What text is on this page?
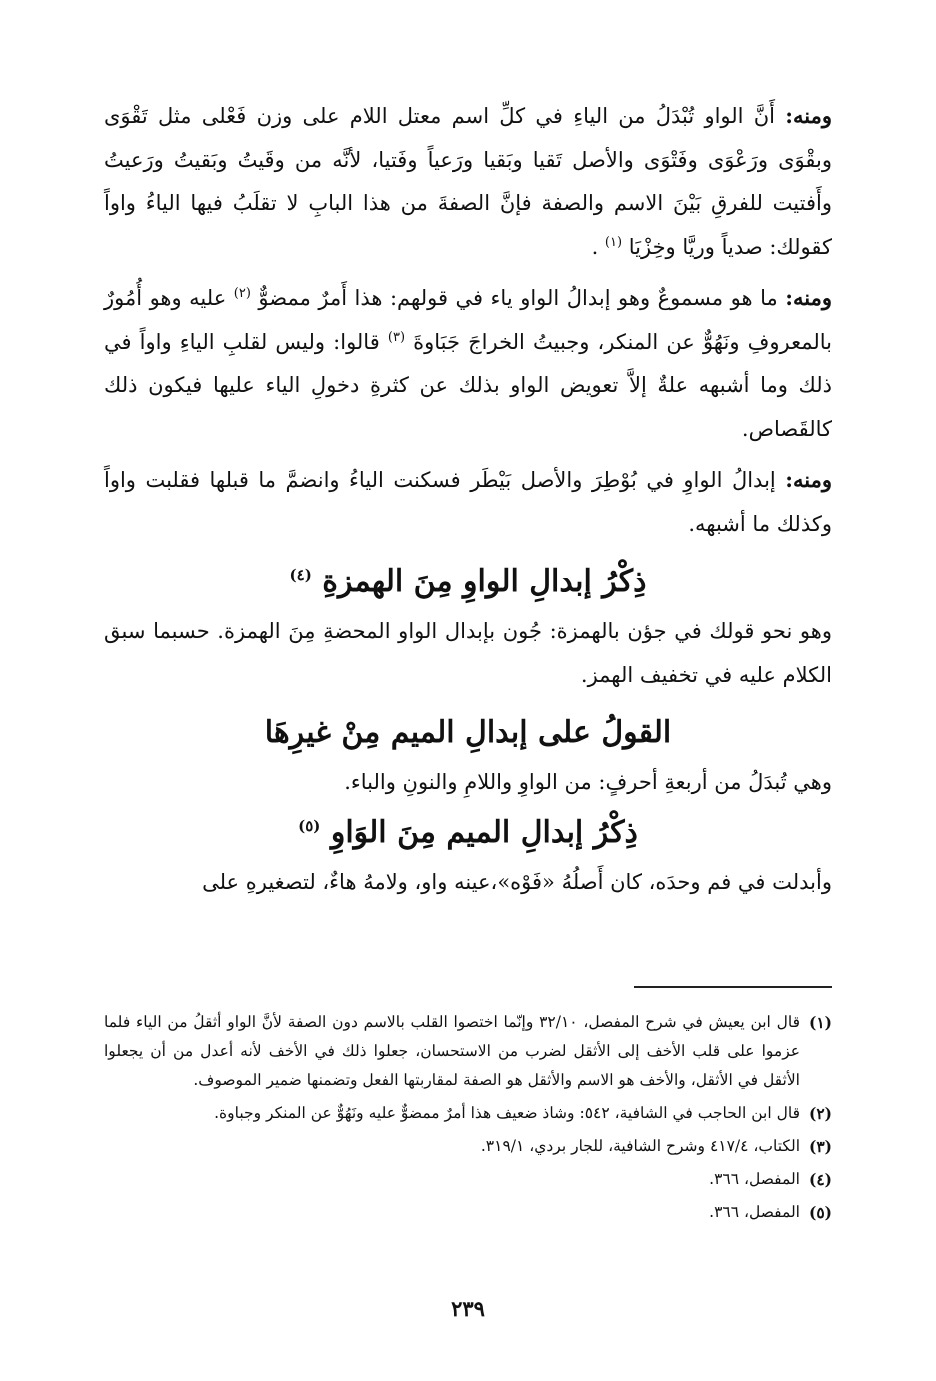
ومنه: أَنَّ الواو تُبْدَلُ من الياءِ في كلِّ اسم معتل اللام على وزن فَعْلى مثل تَقْوَى وبقْوَى ورَعْوَى وفَتْوَى والأصل تَقيا وبَقيا ورَعياً وفَتيا، لأنَّه من وقَيتُ وبَقيتُ ورَعيتُ وأَفتيت للفرقِ بَيْنَ الاسم والصفة فإنَّ الصفةَ من هذا البابِ لا تقلَبُ فيها الياءُ واواً كقولك: صدياً وريَّا وخِزْيَا $^{(١)}$ .

ومنه: ما هو مسموعٌ وهو إبدالُ الواو ياء في قولهم: هذا أَمرٌ ممضوٌّ $^{(٢)}$ عليه وهو أُمُورٌ بالمعروفِ ونَهُوٌّ عن المنكر، وجبيتُ الخراجَ جَبَاوةَ $^{(٣)}$ قالوا: وليس لقلبِ الياءِ واواً في ذلك وما أشبهه علةٌ إلاَّ تعويض الواو بذلك عن كثرةِ دخولِ الياء عليها فيكون ذلك كالقَصاص.

ومنه: إبدالُ الواوِ في بُوْطِرَ والأصل بَيْطَر فسكنت الياءُ وانضمَّ ما قبلها فقلبت واواً وكذلك ما أشبهه.

ذِكْرُ إبدالِ الواوِ مِنَ الهمزةِ $^{(٤)}$

وهو نحو قولك في جؤن بالهمزة: جُون بإبدال الواو المحضةِ مِنَ الهمزة. حسبما سبق الكلام عليه في تخفيف الهمز.

القولُ على إبدالِ الميم مِنْ غيرِهَا

وهي تُبدَلُ من أربعةِ أحرفٍ: من الواوِ واللامِ والنونِ والباء.

ذِكْرُ إبدالِ الميم مِنَ الوَاوِ $^{(٥)}$

وأبدلت في فم وحدَه، كان أَصلُهُ «فَوْه»،عينه واو، ولامهُ هاءٌ، لتصغيرهِ على

(١)
قال ابن يعيش في شرح المفصل، ٣٢/١٠ وإنّما اختصوا القلب بالاسم دون الصفة لأنَّ الواو أثقلُ من الياء فلما عزموا على قلب الأخف إلى الأثقل لضرب من الاستحسان، جعلوا ذلك في الأخف لأنه أعدل من أن يجعلوا الأثقل في الأثقل، والأخف هو الاسم والأثقل هو الصفة لمقاربتها الفعل وتضمنها ضمير الموصوف.
(٢)
قال ابن الحاجب في الشافية، ٥٤٢: وشاذ ضعيف هذا أمرٌ ممضوٌّ عليه ونَهُوٌّ عن المنكر وجباوة.
(٣)
الكتاب، ٤١٧/٤ وشرح الشافية، للجار بردي، ٣١٩/١.
(٤)
المفصل، ٣٦٦.
(٥)
المفصل، ٣٦٦.
٢٣٩
